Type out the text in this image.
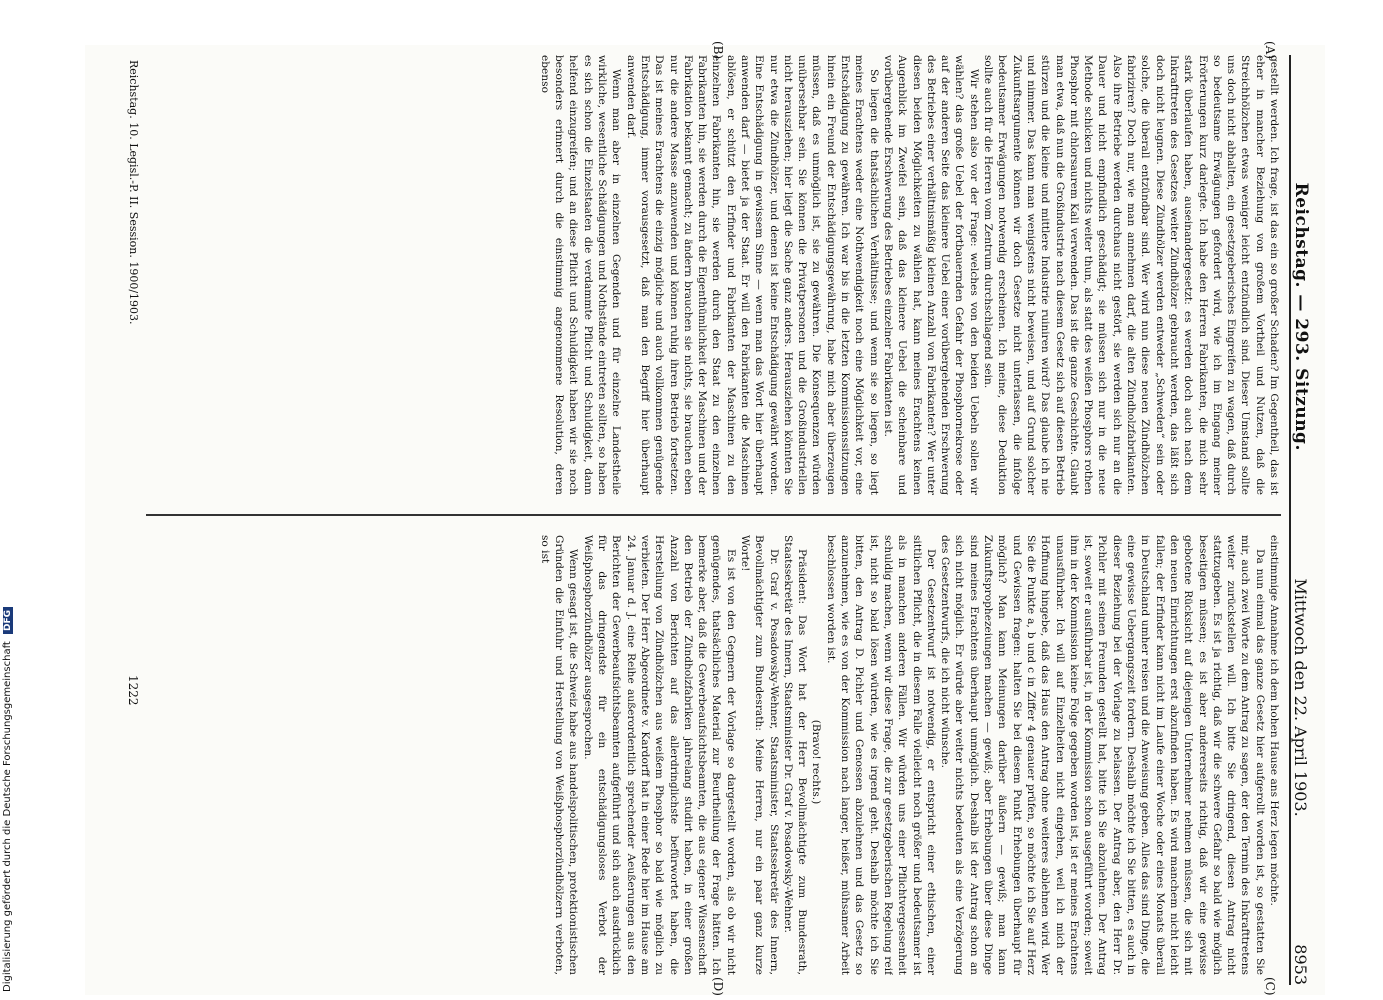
Digitalisierung gefördert durch die Deutsche Forschungsgemeinschaft DFG
Reichstag. — 293. Sitzung.
Mittwoch den 22. April 1903.
8953
(A)
(B)
(C)
(D)

gestellt werden. Ich frage, ist das ein so großer Schaden? Im Gegentheil, das ist eher in mancher Beziehung von großem Vortheil und Nutzen, daß die Streichhölzchen etwas weniger leicht entzündlich sind. Dieser Umstand sollte uns doch nicht abhalten, ein gesetzgeberisches Eingreifen zu wagen, daß durch so bedeutsame Erwägungen gefordert wird, wie ich im Eingang meiner Erörterungen kurz darlegte. Ich habe den Herren Fabrikanten, die mich sehr stark überlaufen haben, auseinandergesetzt: es werden doch auch nach dem Inkrafttreten des Gesetzes weiter Zündhölzer gebraucht werden, das läßt sich doch nicht leugnen. Diese Zündhölzer werden entweder „Schweden“ sein oder solche, die überall entzündbar sind. Wer wird nun diese neuen Zündhölzchen fabriziren? Doch nur, wie man annehmen darf, die alten Zündholzfabrikanten. Also ihre Betriebe werden durchaus nicht gestört, sie werden sich nur an die Dauer und nicht empfindlich geschädigt; sie müssen sich nur in die neue Methode schicken und nichts weiter thun, als statt des weißen Phosphors rothen Phosphor mit chlorsaurem Kali verwenden. Das ist die ganze Geschichte. Glaubt man etwa, daß nun die Großindustrie nach diesem Gesetz sich auf diesen Betrieb stürzen und die kleine und mittlere Industrie ruiniren wird? Das glaube ich nie und nimmer. Das kann man wenigstens nicht beweisen, und auf Grund solcher Zukunftsargumente können wir doch Gesetze nicht unterlassen, die infolge bedeutsamer Erwägungen notwendig erscheinen. Ich meine, diese Deduktion sollte auch für die Herren vom Zentrum durchschlagend sein.

Wir stehen also vor der Frage: welches von den beiden Uebeln sollen wir wählen? das große Uebel der fortbauernden Gefahr der Phosphornekrose oder auf der anderen Seite das kleinere Uebel einer vorübergehenden Erschwerung des Betriebes einer verhältnismäßig kleinen Anzahl von Fabrikanten? Wer unter diesen beiden Möglichkeiten zu wählen hat, kann meines Erachtens keinen Augenblick im Zweifel sein, daß das kleinere Uebel die scheinbare und vorübergehende Erschwerung des Betriebes einzelner Fabrikanten ist.

So liegen die thatsächlichen Verhältnisse; und wenn sie so liegen, so liegt meines Erachtens weder eine Nothwendigkeit noch eine Möglichkeit vor, eine Entschädigung zu gewähren. Ich war bis in die letzten Kommissionssitzungen hinein ein Freund der Entschädigungsgewährung, habe mich aber überzeugen müssen, daß es unmöglich ist, sie zu gewähren. Die Konsequenzen würden unübersehbar sein. Sie können die Privatpersonen und die Großindustriellen nicht herausziehen; hier liegt die Sache ganz anders. Herausziehen könnten Sie nur etwa die Zündhölzer, und denen ist keine Entschädigung gewährt worden. Eine Entschädigung in gewissem Sinne — wenn man das Wort hier überhaupt anwenden darf — bietet ja der Staat. Er will den Fabrikanten die Maschinen ablösen, er schützt den Erfinder und Fabrikanten der Maschinen zu den einzelnen Fabrikanten hin, sie werden durch den Staat zu den einzelnen Fabrikanten hin, sie werden durch die Eigenthümlichkeit der Maschinen und der Fabrikation bekannt gemacht; zu ändern brauchen sie nichts, sie brauchen eben nur die andere Masse anzuwenden und können ruhig ihren Betrieb fortsetzen. Das ist meines Erachtens die einzig mögliche und auch vollkommen genügende Entschädigung, immer vorausgesetzt, daß man den Begriff hier überhaupt anwenden darf.

Wenn man aber in einzelnen Gegenden und für einzelne Landestheile wirkliche, wesentliche Schädigungen und Nothstände eintreten sollten, so haben es sich schon die Einzelstaaten die verdammte Pflicht und Schuldigkeit, dann helfend einzugreifen; und an diese Pflicht und Schuldigkeit haben wir sie noch besonders erinnert durch die einstimmig angenommene Resolution, deren ebenso

einstimmige Annahme ich dem hohen Hause ans Herz legen möchte.

Da nun einmal das ganze Gesetz hier aufgerollt worden ist, so gestatten Sie mir, auch zwei Worte zu dem Antrag zu sagen, der den Termin des Inkrafttretens weiter zurückstellen will. Ich bitte Sie dringend, diesen Antrag nicht stattzugeben. Es ist ja richtig, daß wir die schwere Gefahr so bald wie möglich beseitigen müssen; es ist aber andererseits richtig, daß wir eine gewisse gebotene Rücksicht auf diejenigen Unternehmer nehmen müssen, die sich mit den neuen Einrichtungen erst abzufinden haben. Es wird manchem nicht leicht fallen; der Erfinder kann nicht im Laufe einer Woche oder eines Monats überall in Deutschland umher reisen und die Anweisung geben. Alles das sind Dinge, die eine gewisse Uebergangszeit fordern. Deshalb möchte ich Sie bitten, es auch in dieser Beziehung bei der Vorlage zu belassen. Der Antrag aber, den Herr Dr. Pichler mit seinen Freunden gestellt hat, bitte ich Sie abzulehnen. Der Antrag ist, soweit er ausführbar ist, in der Kommission schon ausgeführt worden; soweit ihm in der Kommission keine Folge gegeben worden ist, ist er meines Erachtens unausführbar. Ich will auf Einzelheiten nicht eingehen, weil ich mich der Hoffnung hingebe, daß das Haus den Antrag ohne weiteres ablehnen wird. Wer Sie die Punkte a, b und c in Ziffer 4 genauer prüfen, so möchte ich Sie auf Herz und Gewissen fragen: halten Sie bei diesem Punkt Erhebungen überhaupt für möglich? Man kann Meinungen darüber äußern — gewiß; man kann Zukunftsprophezeiungen machen — gewiß; aber Erhebungen über diese Dinge sind meines Erachtens überhaupt unmöglich. Deshalb ist der Antrag schon an sich nicht möglich. Er würde aber weiter nichts bedeuten als eine Verzögerung des Gesetzentwurfs, die ich nicht wünsche.

Der Gesetzentwurf ist notwendig, er entspricht einer ethischen, einer sittlichen Pflicht, die in diesem Falle vielleicht noch größer und bedeutsamer ist als in manchen anderen Fällen. Wir würden uns einer Pflichtvergessenheit schuldig machen, wenn wir diese Frage, die zur gesetzgeberischen Regelung reif ist, nicht so bald lösen würden, wie es irgend geht. Deshalb möchte ich Sie bitten, den Antrag D. Pichler und Genossen abzulehnen und das Gesetz so anzunehmen, wie es von der Kommission nach langer, heißer, mühsamer Arbeit beschlossen worden ist.

(Bravo! rechts.)

Präsident: Das Wort hat der Herr Bevollmächtigte zum Bundesrath, Staatssekretär des Innern, Staatsminister Dr. Graf v. Posadowsky-Wehner.

Dr. Graf v. Posadowsky-Wehner, Staatsminister, Staatssekretär des Innern, Bevollmächtigter zum Bundesrath: Meine Herren, nur ein paar ganz kurze Worte!

Es ist von den Gegnern der Vorlage so dargestellt worden, als ob wir nicht genügendes, thatsächliches Material zur Beurtheilung der Frage hätten. Ich bemerke aber, daß die Gewerbeaufsichtsbeamten, die aus eigener Wissenschaft den Betrieb der Zündholzfabriken jahrelang studirt haben, in einer großen Anzahl von Berichten auf das allerdringlichste befürwortet haben, die Herstellung von Zündhölzchen aus weißem Phosphor so bald wie möglich zu verbieten. Der Herr Abgeordnete v. Kardorff hat in einer Rede hier im Hause am 24. Januar d. J. eine Reihe außerordentlich sprechender Aeußerungen aus den Berichten der Gewerbeaufsichtsbeamten aufgeführt und sich auch ausdrücklich für das dringendste für ein entschädigungsloses Verbot der Weißphosphorzündhölzer ausgesprochen.

Wenn gesagt ist, die Schweiz habe aus handelspolitischen, protektionistischen Gründen die Einfuhr und Herstellung von Weißphosphorzündhölzern verboten, so ist

Reichstag. 10. Legisl.-P. II. Session. 1900/1903.
1222
